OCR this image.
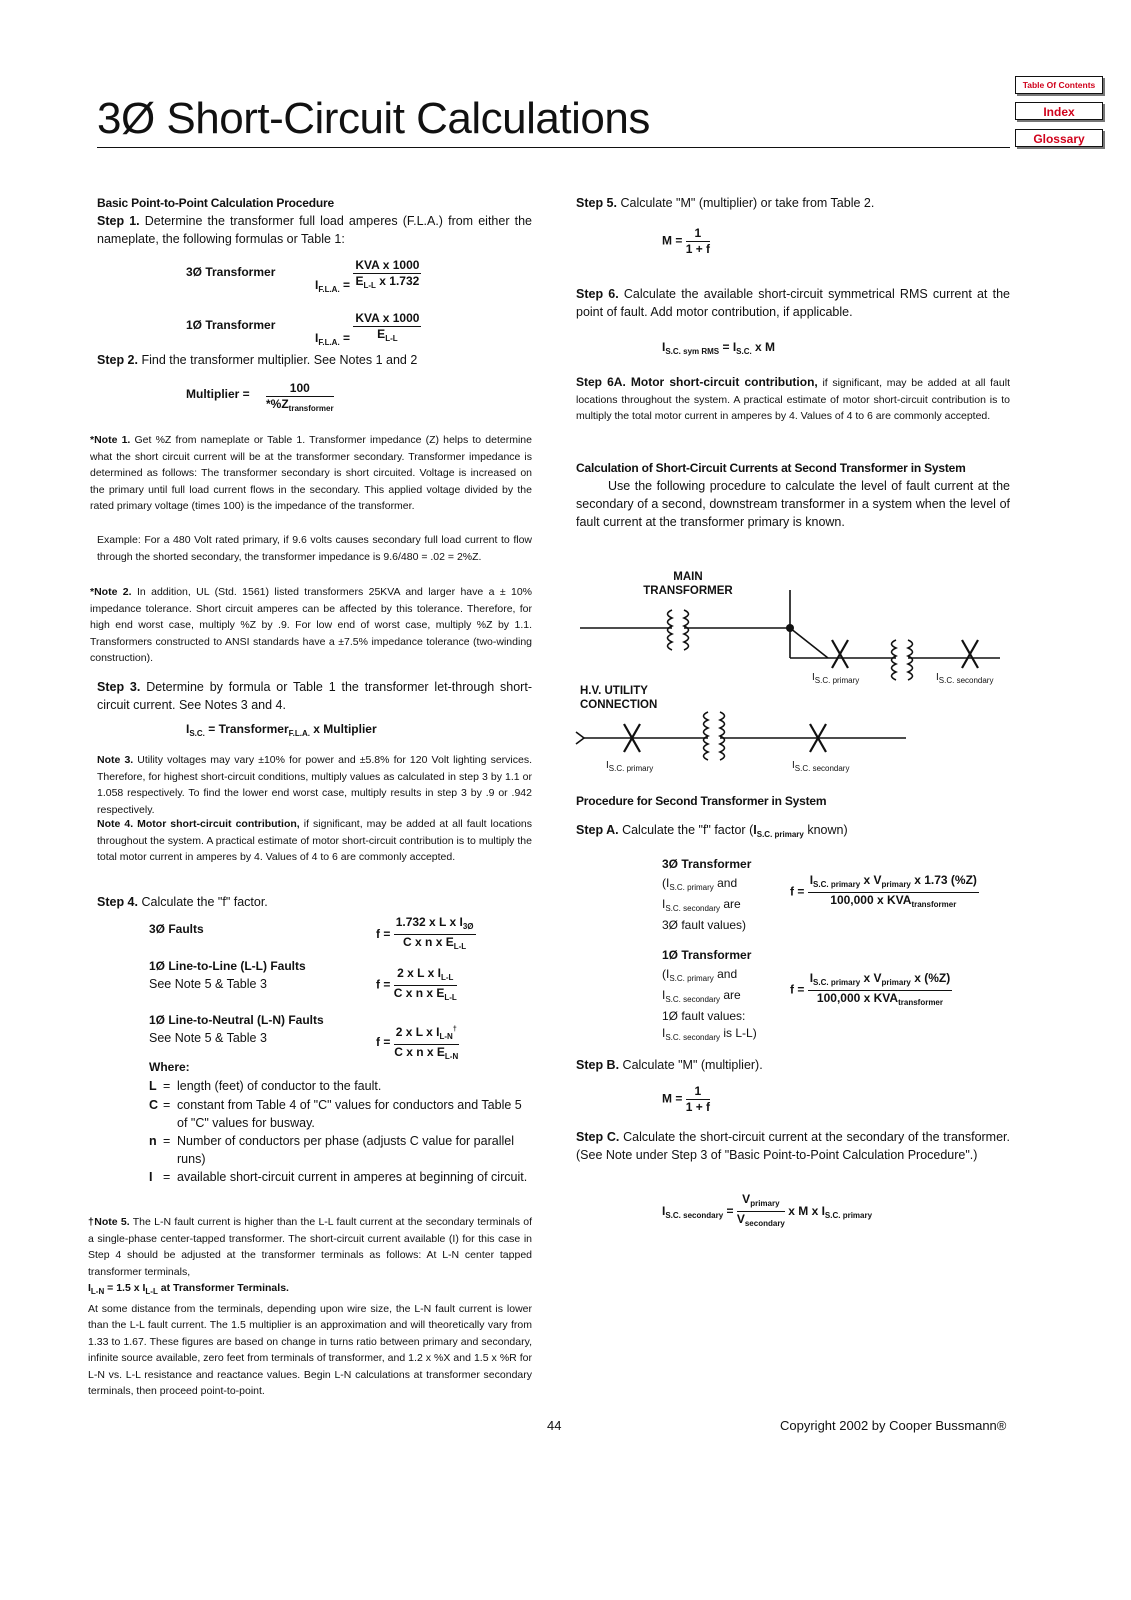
3Ø Short-Circuit Calculations
Table Of Contents
Index
Glossary
Basic Point-to-Point Calculation Procedure
Step 1. Determine the transformer full load amperes (F.L.A.) from either the nameplate, the following formulas or Table 1:
3Ø Transformer
$I_{F.L.A.} = \frac{\text{KVA x 1000}}{E_{L-L} x 1.732}$
1Ø Transformer
$I_{F.L.A.} = \frac{\text{KVA x 1000}}{E_{L-L}}$
Step 2. Find the transformer multiplier. See Notes 1 and 2
Multiplier = $\frac{100}{*\%Z_{transformer}}$
*Note 1. Get %Z from nameplate or Table 1. Transformer impedance (Z) helps to determine what the short circuit current will be at the transformer secondary. Transformer impedance is determined as follows: The transformer secondary is short circuited. Voltage is increased on the primary until full load current flows in the secondary. This applied voltage divided by the rated primary voltage (times 100) is the impedance of the transformer.
Example: For a 480 Volt rated primary, if 9.6 volts causes secondary full load current to flow through the shorted secondary, the transformer impedance is 9.6/480 = .02 = 2%Z.
*Note 2. In addition, UL (Std. 1561) listed transformers 25KVA and larger have a ± 10% impedance tolerance. Short circuit amperes can be affected by this tolerance. Therefore, for high end worst case, multiply %Z by .9. For low end of worst case, multiply %Z by 1.1. Transformers constructed to ANSI standards have a ±7.5% impedance tolerance (two-winding construction).
Step 3. Determine by formula or Table 1 the transformer let-through short-circuit current. See Notes 3 and 4.
$I_{S.C.}$ = Transformer$_{F.L.A.}$ x Multiplier
Note 3. Utility voltages may vary ±10% for power and ±5.8% for 120 Volt lighting services. Therefore, for highest short-circuit conditions, multiply values as calculated in step 3 by 1.1 or 1.058 respectively. To find the lower end worst case, multiply results in step 3 by .9 or .942 respectively.
Note 4. Motor short-circuit contribution, if significant, may be added at all fault locations throughout the system. A practical estimate of motor short-circuit contribution is to multiply the total motor current in amperes by 4. Values of 4 to 6 are commonly accepted.
Step 4. Calculate the "f" factor.
3Ø Faults	$f = \frac{1.732 x L x I_{3Ø}}{C x n x E_{L-L}}$
1Ø Line-to-Line (L-L) Faults
See Note 5 & Table 3	$f = \frac{2 x L x I_{L-L}}{C x n x E_{L-L}}$
1Ø Line-to-Neutral (L-N) Faults
See Note 5 & Table 3	$f = \frac{2 x L x I_{L-N}^\dagger}{C x n x E_{L-N}}$
Where:
L = length (feet) of conductor to the fault.
C = constant from Table 4 of "C" values for conductors and Table 5 of "C" values for busway.
n = Number of conductors per phase (adjusts C value for parallel runs)
I = available short-circuit current in amperes at beginning of circuit.
†Note 5. The L-N fault current is higher than the L-L fault current at the secondary terminals of a single-phase center-tapped transformer. The short-circuit current available (I) for this case in Step 4 should be adjusted at the transformer terminals as follows: At L-N center tapped transformer terminals,
$I_{L-N} = 1.5$ x $I_{L-L}$ at Transformer Terminals.
At some distance from the terminals, depending upon wire size, the L-N fault current is lower than the L-L fault current. The 1.5 multiplier is an approximation and will theoretically vary from 1.33 to 1.67. These figures are based on change in turns ratio between primary and secondary, infinite source available, zero feet from terminals of transformer, and 1.2 x %X and 1.5 x %R for L-N vs. L-L resistance and reactance values. Begin L-N calculations at transformer secondary terminals, then proceed point-to-point.
Step 5. Calculate "M" (multiplier) or take from Table 2.
$M = \frac{1}{1 + f}$
Step 6. Calculate the available short-circuit symmetrical RMS current at the point of fault. Add motor contribution, if applicable.
$I_{S.C. sym RMS} = I_{S.C.}$ x M
Step 6A. Motor short-circuit contribution, if significant, may be added at all fault locations throughout the system. A practical estimate of motor short-circuit contribution is to multiply the total motor current in amperes by 4. Values of 4 to 6 are commonly accepted.
Calculation of Short-Circuit Currents at Second Transformer in System
Use the following procedure to calculate the level of fault current at the secondary of a second, downstream transformer in a system when the level of fault current at the transformer primary is known.
MAIN TRANSFORMER
H.V. UTILITY CONNECTION
$I_{S.C. primary}$	$I_{S.C. secondary}$
$I_{S.C. primary}$	$I_{S.C. secondary}$
Procedure for Second Transformer in System
Step A. Calculate the "f" factor ($I_{S.C. primary}$ known)
3Ø Transformer
($I_{S.C. primary}$ and
$I_{S.C. secondary}$ are
3Ø fault values)
$f = \frac{I_{S.C. primary} x V_{primary} x 1.73 (\%Z)}{100,000 x KVA_{transformer}}$
1Ø Transformer
($I_{S.C. primary}$ and
$I_{S.C. secondary}$ are
1Ø fault values:
$I_{S.C. secondary}$ is L-L)
$f = \frac{I_{S.C. primary} x V_{primary} x (\%Z)}{100,000 x KVA_{transformer}}$
Step B. Calculate "M" (multiplier).
$M = \frac{1}{1 + f}$
Step C. Calculate the short-circuit current at the secondary of the transformer. (See Note under Step 3 of "Basic Point-to-Point Calculation Procedure".)
$I_{S.C. secondary} = \frac{V_{primary}}{V_{secondary}}$ x M x $I_{S.C. primary}$
44	Copyright 2002 by Cooper Bussmann®
